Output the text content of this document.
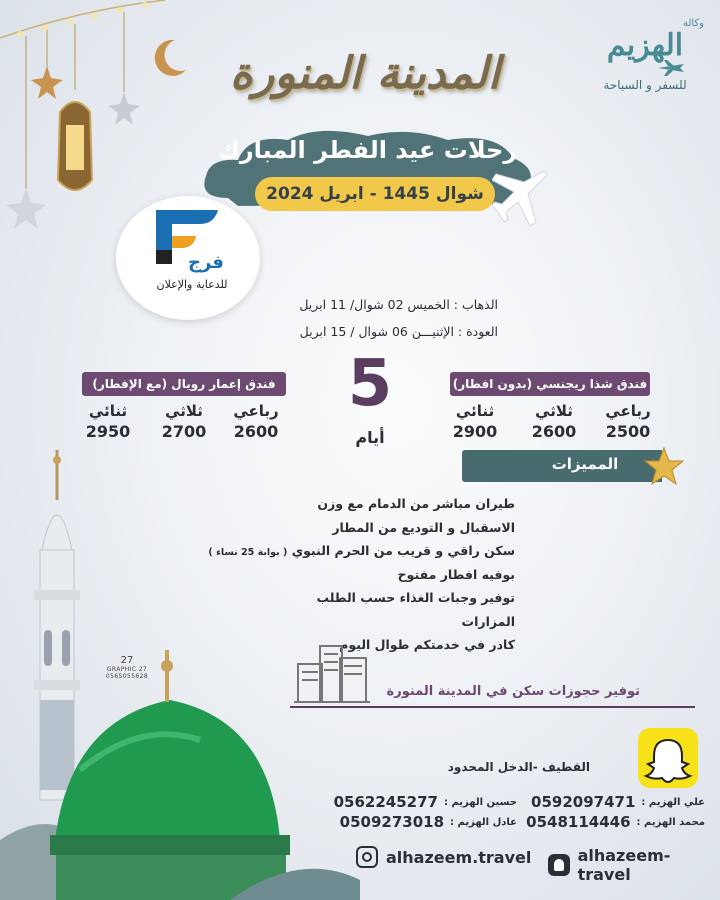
وكالة
الهزيم
للسفر و السياحة
المدينة المنورة
رحلات عيد الفطر المبارك
شوال 1445 - ابريل 2024
فرج
للدعاية والإعلان
الذهاب : الخميس 02 شوال/ 11 ابريل
العودة : الإثنيـــن 06 شوال / 15 ابريل
فندق شذا ريجنسي (بدون افطار)
رباعي
2500
ثلاثي
2600
ثنائي
2900
فندق إعمار رويال (مع الإفطار)
رباعي
2600
ثلاثي
2700
ثنائي
2950
5
أيام
المميزات
طيران مباشر من الدمام مع وزن
الاسقبال و التوديع من المطار
سكن راقي و قريب من الحرم النبوي ( بوابة 25 نساء )
بوفيه افطار مفتوح
توفير وجبات الغذاء حسب الطلب
المزارات
كادر في خدمتكم طوال اليوم
توفير حجوزات سكن في المدينة المنورة
27
27 GRAPHIC
0565055628
القطيف -الدخل المحدود
علي الهزيم :
0592097471
حسين الهزيم :
0562245277
محمد الهزيم :
0548114446
عادل الهزيم :
0509273018
alhazeem.travel	alhazeem-travel
